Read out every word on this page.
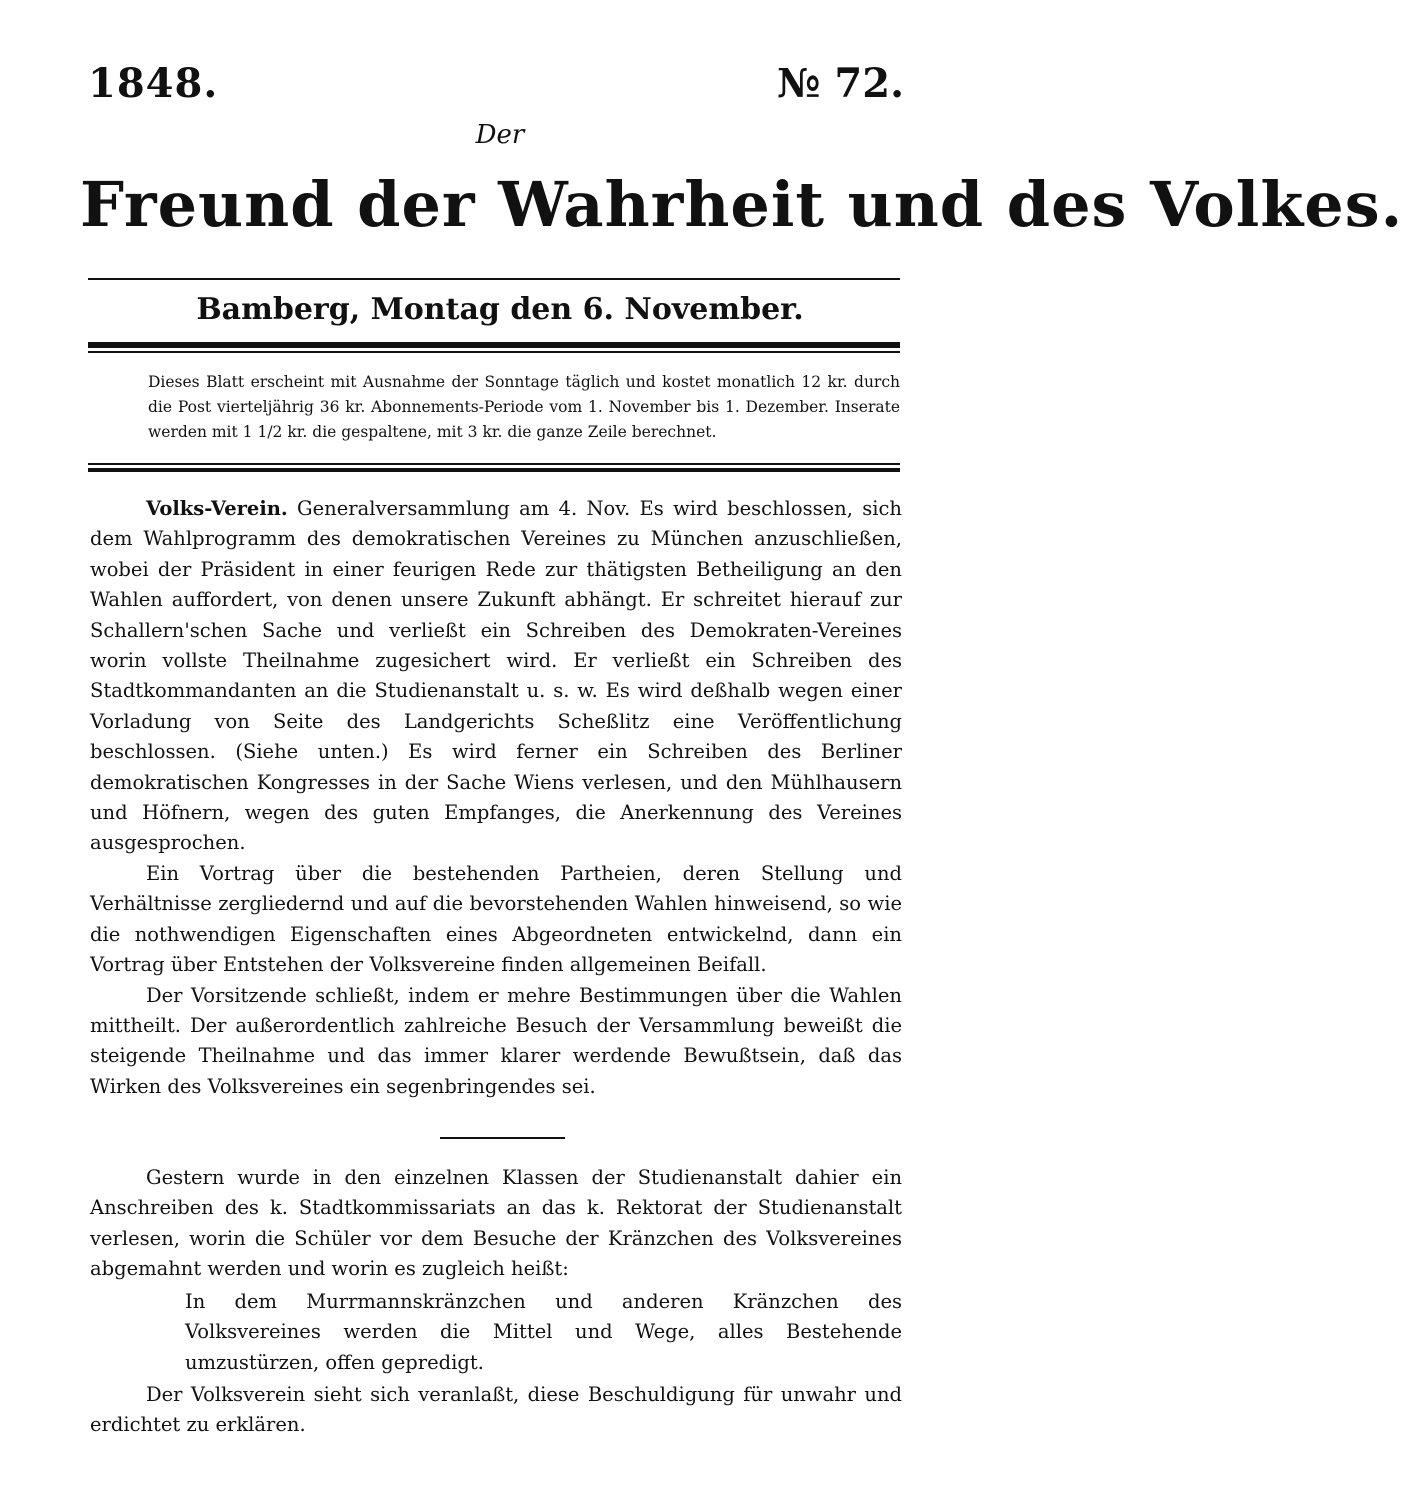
1848.	№ 72.
Der
Freund der Wahrheit und des Volkes.
Bamberg, Montag den 6. November.
Dieses Blatt erscheint mit Ausnahme der Sonntage täglich und kostet monatlich 12 kr. durch die Post vierteljährig 36 kr. Abonnements-Periode vom 1. November bis 1. Dezember. Inserate werden mit 1 1/2 kr. die gespaltene, mit 3 kr. die ganze Zeile berechnet.

Volks-Verein. Generalversammlung am 4. Nov. Es wird beschlossen, sich dem Wahlprogramm des demokratischen Vereines zu München anzuschließen, wobei der Präsident in einer feurigen Rede zur thätigsten Betheiligung an den Wahlen auffordert, von denen unsere Zukunft abhängt. Er schreitet hierauf zur Schallern'schen Sache und verließt ein Schreiben des Demokraten-Vereines worin vollste Theilnahme zugesichert wird. Er verließt ein Schreiben des Stadtkommandanten an die Studienanstalt u. s. w. Es wird deßhalb wegen einer Vorladung von Seite des Landgerichts Scheßlitz eine Veröffentlichung beschlossen. (Siehe unten.) Es wird ferner ein Schreiben des Berliner demokratischen Kongresses in der Sache Wiens verlesen, und den Mühlhausern und Höfnern, wegen des guten Empfanges, die Anerkennung des Vereines ausgesprochen.

Ein Vortrag über die bestehenden Partheien, deren Stellung und Verhältnisse zergliedernd und auf die bevorstehenden Wahlen hinweisend, so wie die nothwendigen Eigenschaften eines Abgeordneten entwickelnd, dann ein Vortrag über Entstehen der Volksvereine finden allgemeinen Beifall.

Der Vorsitzende schließt, indem er mehre Bestimmungen über die Wahlen mittheilt. Der außerordentlich zahlreiche Besuch der Versammlung beweißt die steigende Theilnahme und das immer klarer werdende Bewußtsein, daß das Wirken des Volksvereines ein segenbringendes sei.

Gestern wurde in den einzelnen Klassen der Studienanstalt dahier ein Anschreiben des k. Stadtkommissariats an das k. Rektorat der Studienanstalt verlesen, worin die Schüler vor dem Besuche der Kränzchen des Volksvereines abgemahnt werden und worin es zugleich heißt:

In dem Murrmannskränzchen und anderen Kränzchen des Volksvereines werden die Mittel und Wege, alles Bestehende umzustürzen, offen gepredigt.

Der Volksverein sieht sich veranlaßt, diese Beschuldigung für unwahr und erdichtet zu erklären.
